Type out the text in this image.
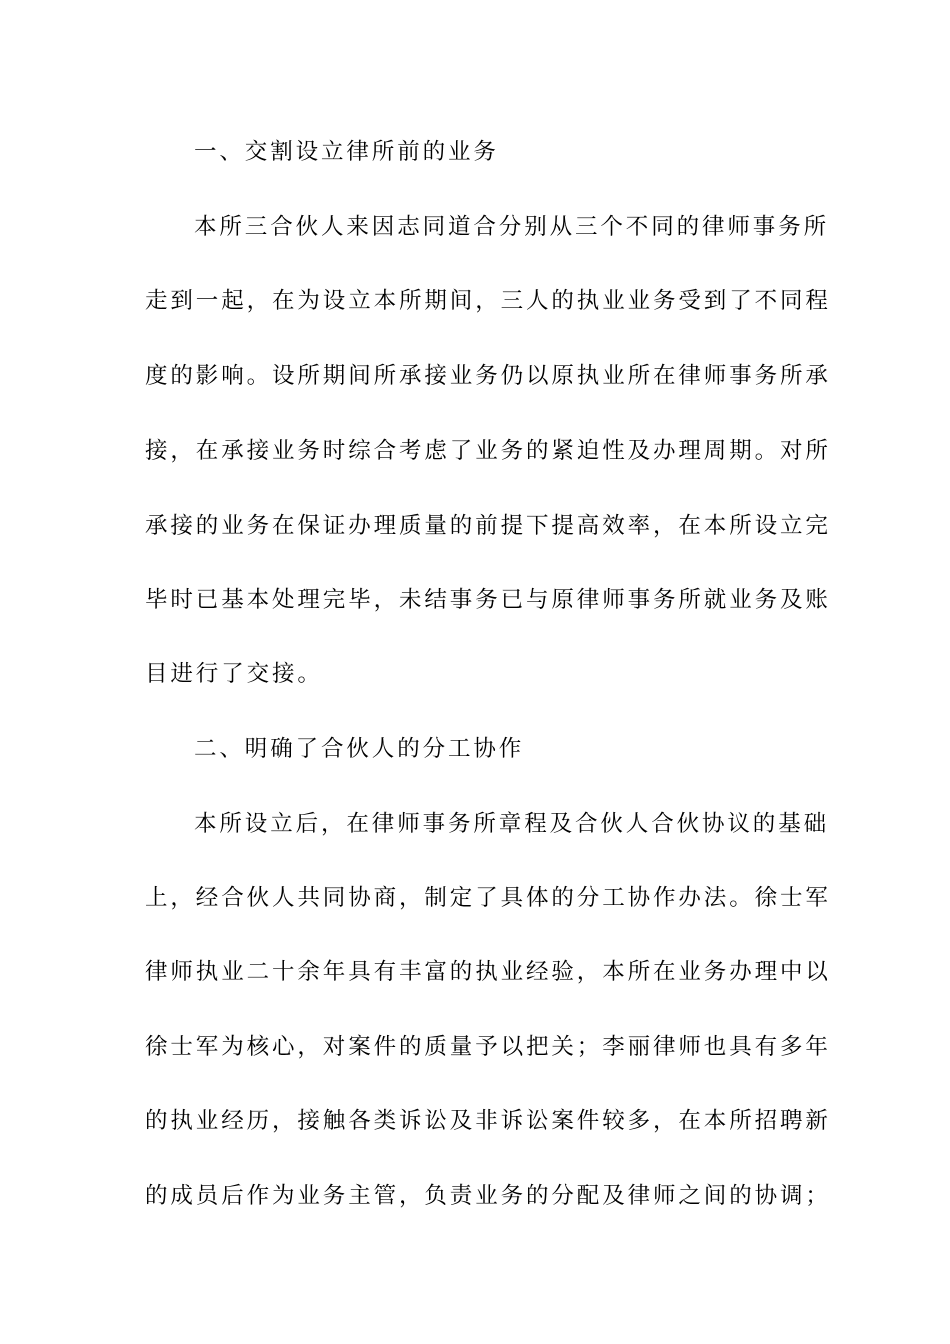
一、交割设立律所前的业务
本所三合伙人来因志同道合分别从三个不同的律师事务所
走到一起，在为设立本所期间，三人的执业业务受到了不同程
度的影响。设所期间所承接业务仍以原执业所在律师事务所承
接，在承接业务时综合考虑了业务的紧迫性及办理周期。对所
承接的业务在保证办理质量的前提下提高效率，在本所设立完
毕时已基本处理完毕，未结事务已与原律师事务所就业务及账
目进行了交接。
二、明确了合伙人的分工协作
本所设立后，在律师事务所章程及合伙人合伙协议的基础
上，经合伙人共同协商，制定了具体的分工协作办法。徐士军
律师执业二十余年具有丰富的执业经验，本所在业务办理中以
徐士军为核心，对案件的质量予以把关；李丽律师也具有多年
的执业经历，接触各类诉讼及非诉讼案件较多，在本所招聘新
的成员后作为业务主管，负责业务的分配及律师之间的协调；
